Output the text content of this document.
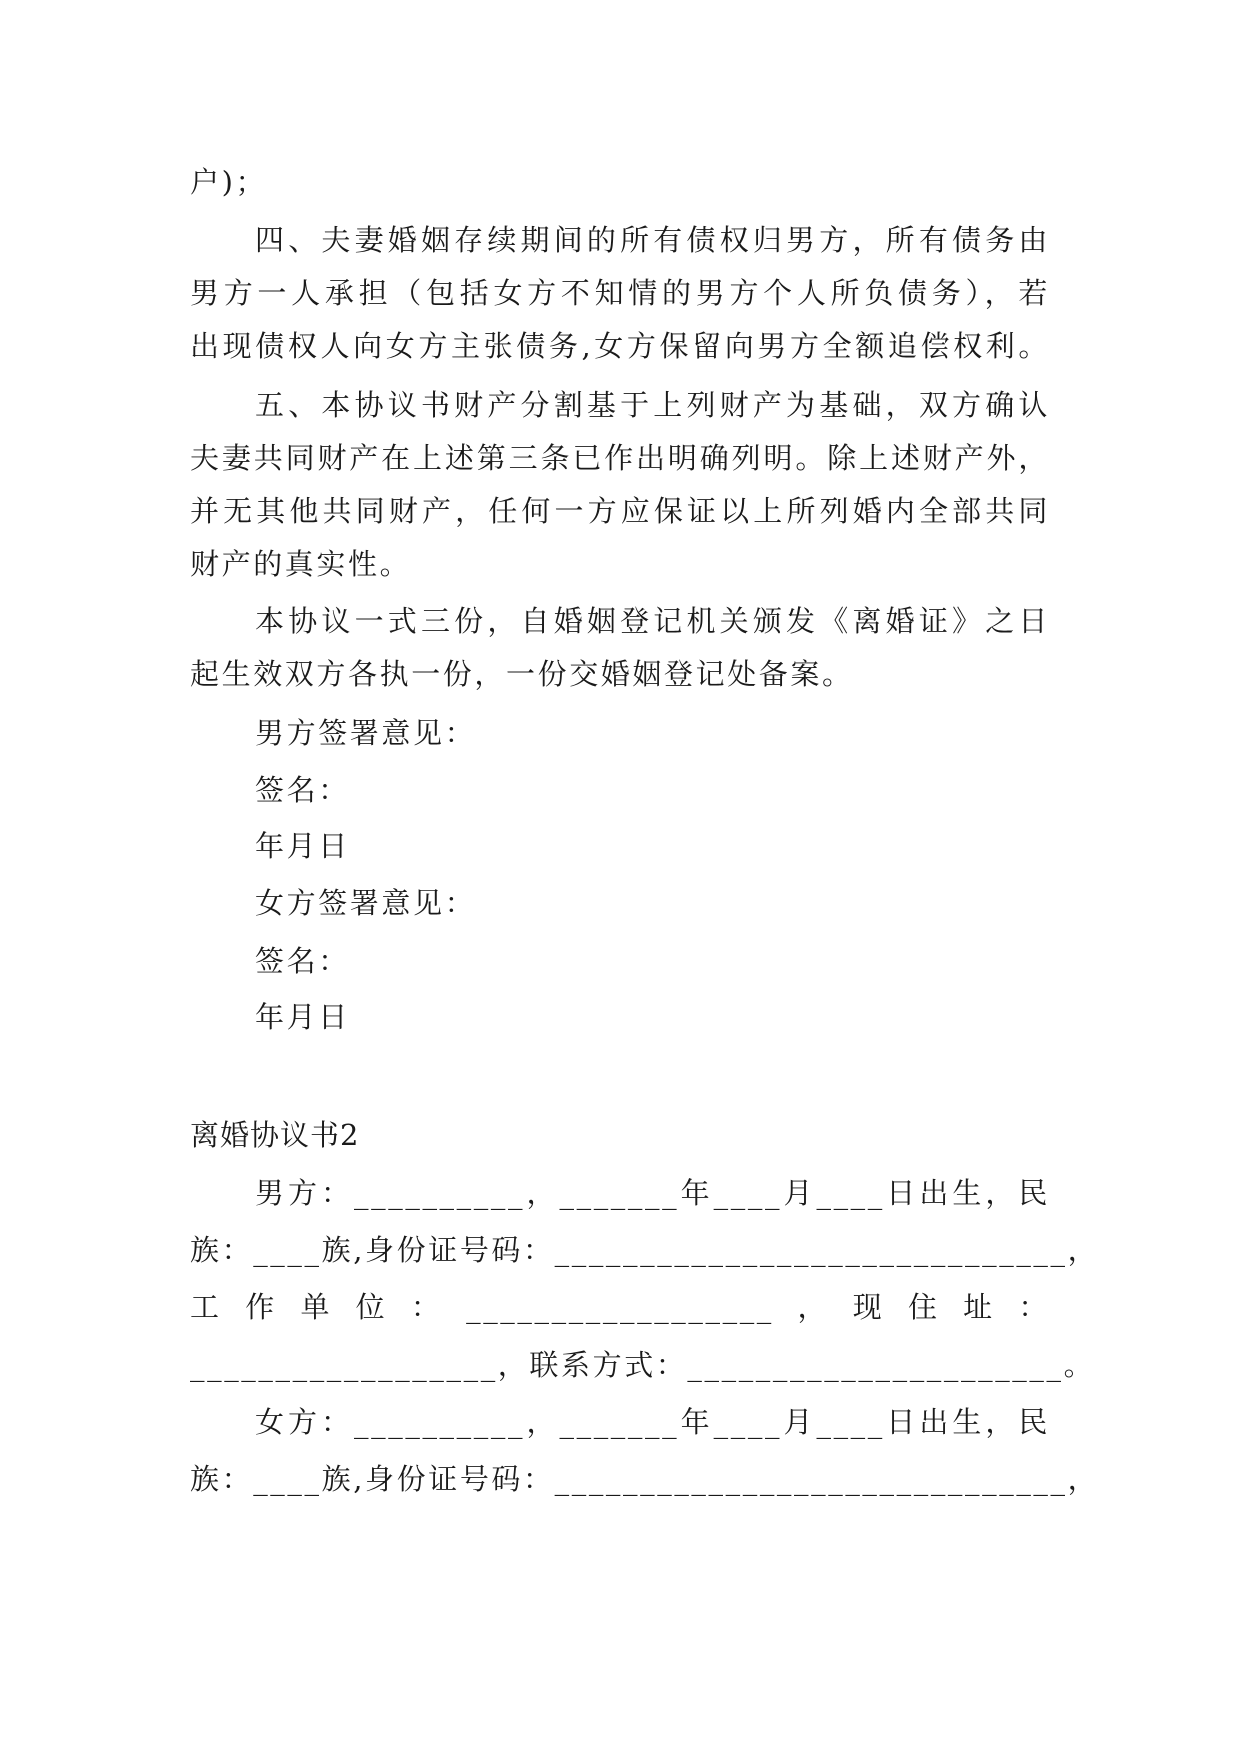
户)；
四、夫妻婚姻存续期间的所有债权归男方，所有债务由
男方一人承担（包括女方不知情的男方个人所负债务），若
出现债权人向女方主张债务,女方保留向男方全额追偿权利。
五、本协议书财产分割基于上列财产为基础，双方确认
夫妻共同财产在上述第三条已作出明确列明。除上述财产外，
并无其他共同财产，任何一方应保证以上所列婚内全部共同
财产的真实性。
本协议一式三份，自婚姻登记机关颁发《离婚证》之日
起生效双方各执一份，一份交婚姻登记处备案。
男方签署意见：
签名：
年月日
女方签署意见：
签名：
年月日
离婚协议书2
男方：__________，_______年____月____日出生，民
族：____族,身份证号码：______________________________，
工作单位：__________________，现住址：
__________________，联系方式：______________________。
女方：__________，_______年____月____日出生，民
族：____族,身份证号码：______________________________，
